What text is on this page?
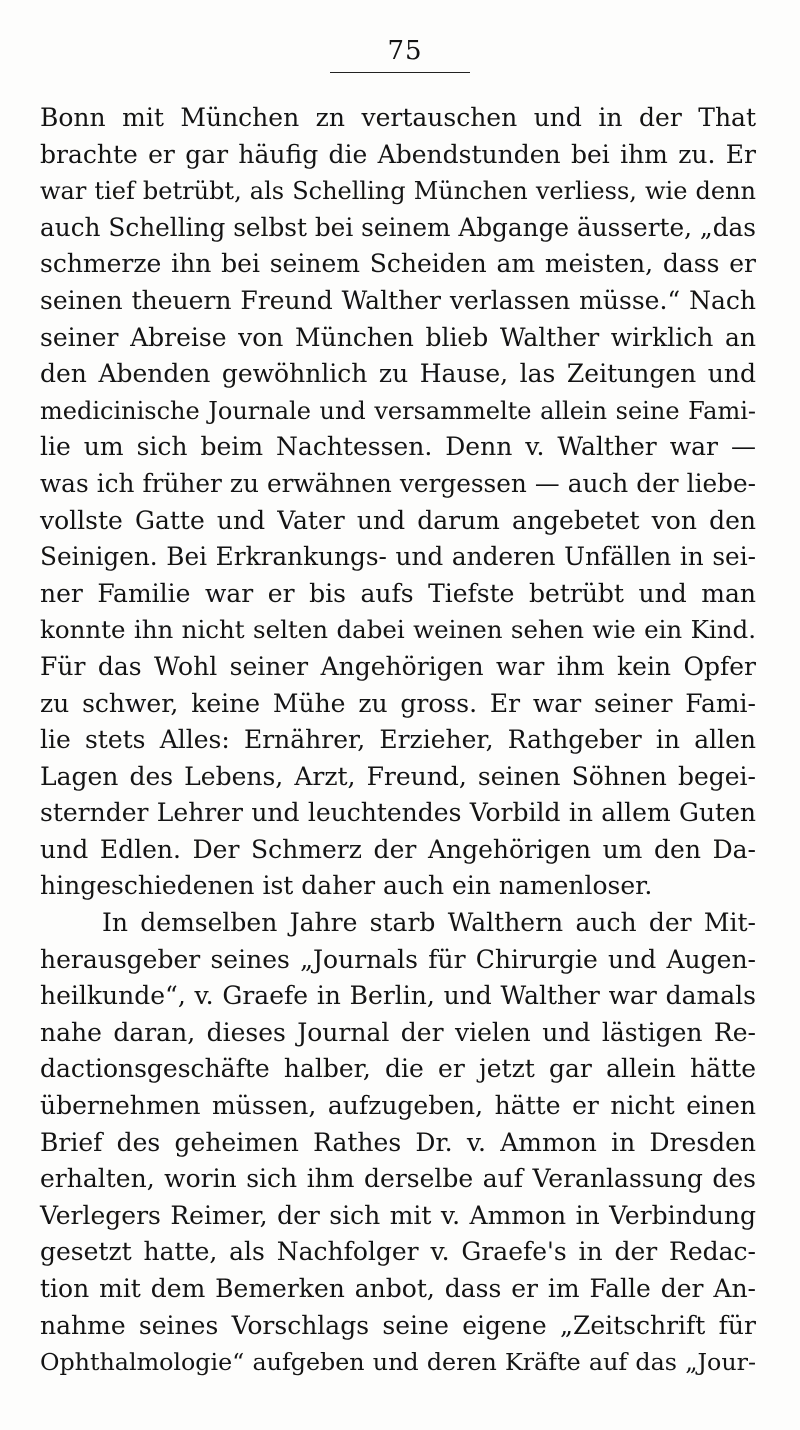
75
Bonn mit München zn vertauschen und in der That
brachte er gar häufig die Abendstunden bei ihm zu. Er
war tief betrübt, als Schelling München verliess, wie denn
auch Schelling selbst bei seinem Abgange äusserte, „das
schmerze ihn bei seinem Scheiden am meisten, dass er
seinen theuern Freund Walther verlassen müsse.“ Nach
seiner Abreise von München blieb Walther wirklich an
den Abenden gewöhnlich zu Hause, las Zeitungen und
medicinische Journale und versammelte allein seine Fami-
lie um sich beim Nachtessen. Denn v. Walther war —
was ich früher zu erwähnen vergessen — auch der liebe-
vollste Gatte und Vater und darum angebetet von den
Seinigen. Bei Erkrankungs- und anderen Unfällen in sei-
ner Familie war er bis aufs Tiefste betrübt und man
konnte ihn nicht selten dabei weinen sehen wie ein Kind.
Für das Wohl seiner Angehörigen war ihm kein Opfer
zu schwer, keine Mühe zu gross. Er war seiner Fami-
lie stets Alles: Ernährer, Erzieher, Rathgeber in allen
Lagen des Lebens, Arzt, Freund, seinen Söhnen begei-
sternder Lehrer und leuchtendes Vorbild in allem Guten
und Edlen. Der Schmerz der Angehörigen um den Da-
hingeschiedenen ist daher auch ein namenloser.
In demselben Jahre starb Walthern auch der Mit-
herausgeber seines „Journals für Chirurgie und Augen-
heilkunde“, v. Graefe in Berlin, und Walther war damals
nahe daran, dieses Journal der vielen und lästigen Re-
dactionsgeschäfte halber, die er jetzt gar allein hätte
übernehmen müssen, aufzugeben, hätte er nicht einen
Brief des geheimen Rathes Dr. v. Ammon in Dresden
erhalten, worin sich ihm derselbe auf Veranlassung des
Verlegers Reimer, der sich mit v. Ammon in Verbindung
gesetzt hatte, als Nachfolger v. Graefe's in der Redac-
tion mit dem Bemerken anbot, dass er im Falle der An-
nahme seines Vorschlags seine eigene „Zeitschrift für
Ophthalmologie“ aufgeben und deren Kräfte auf das „Jour-
